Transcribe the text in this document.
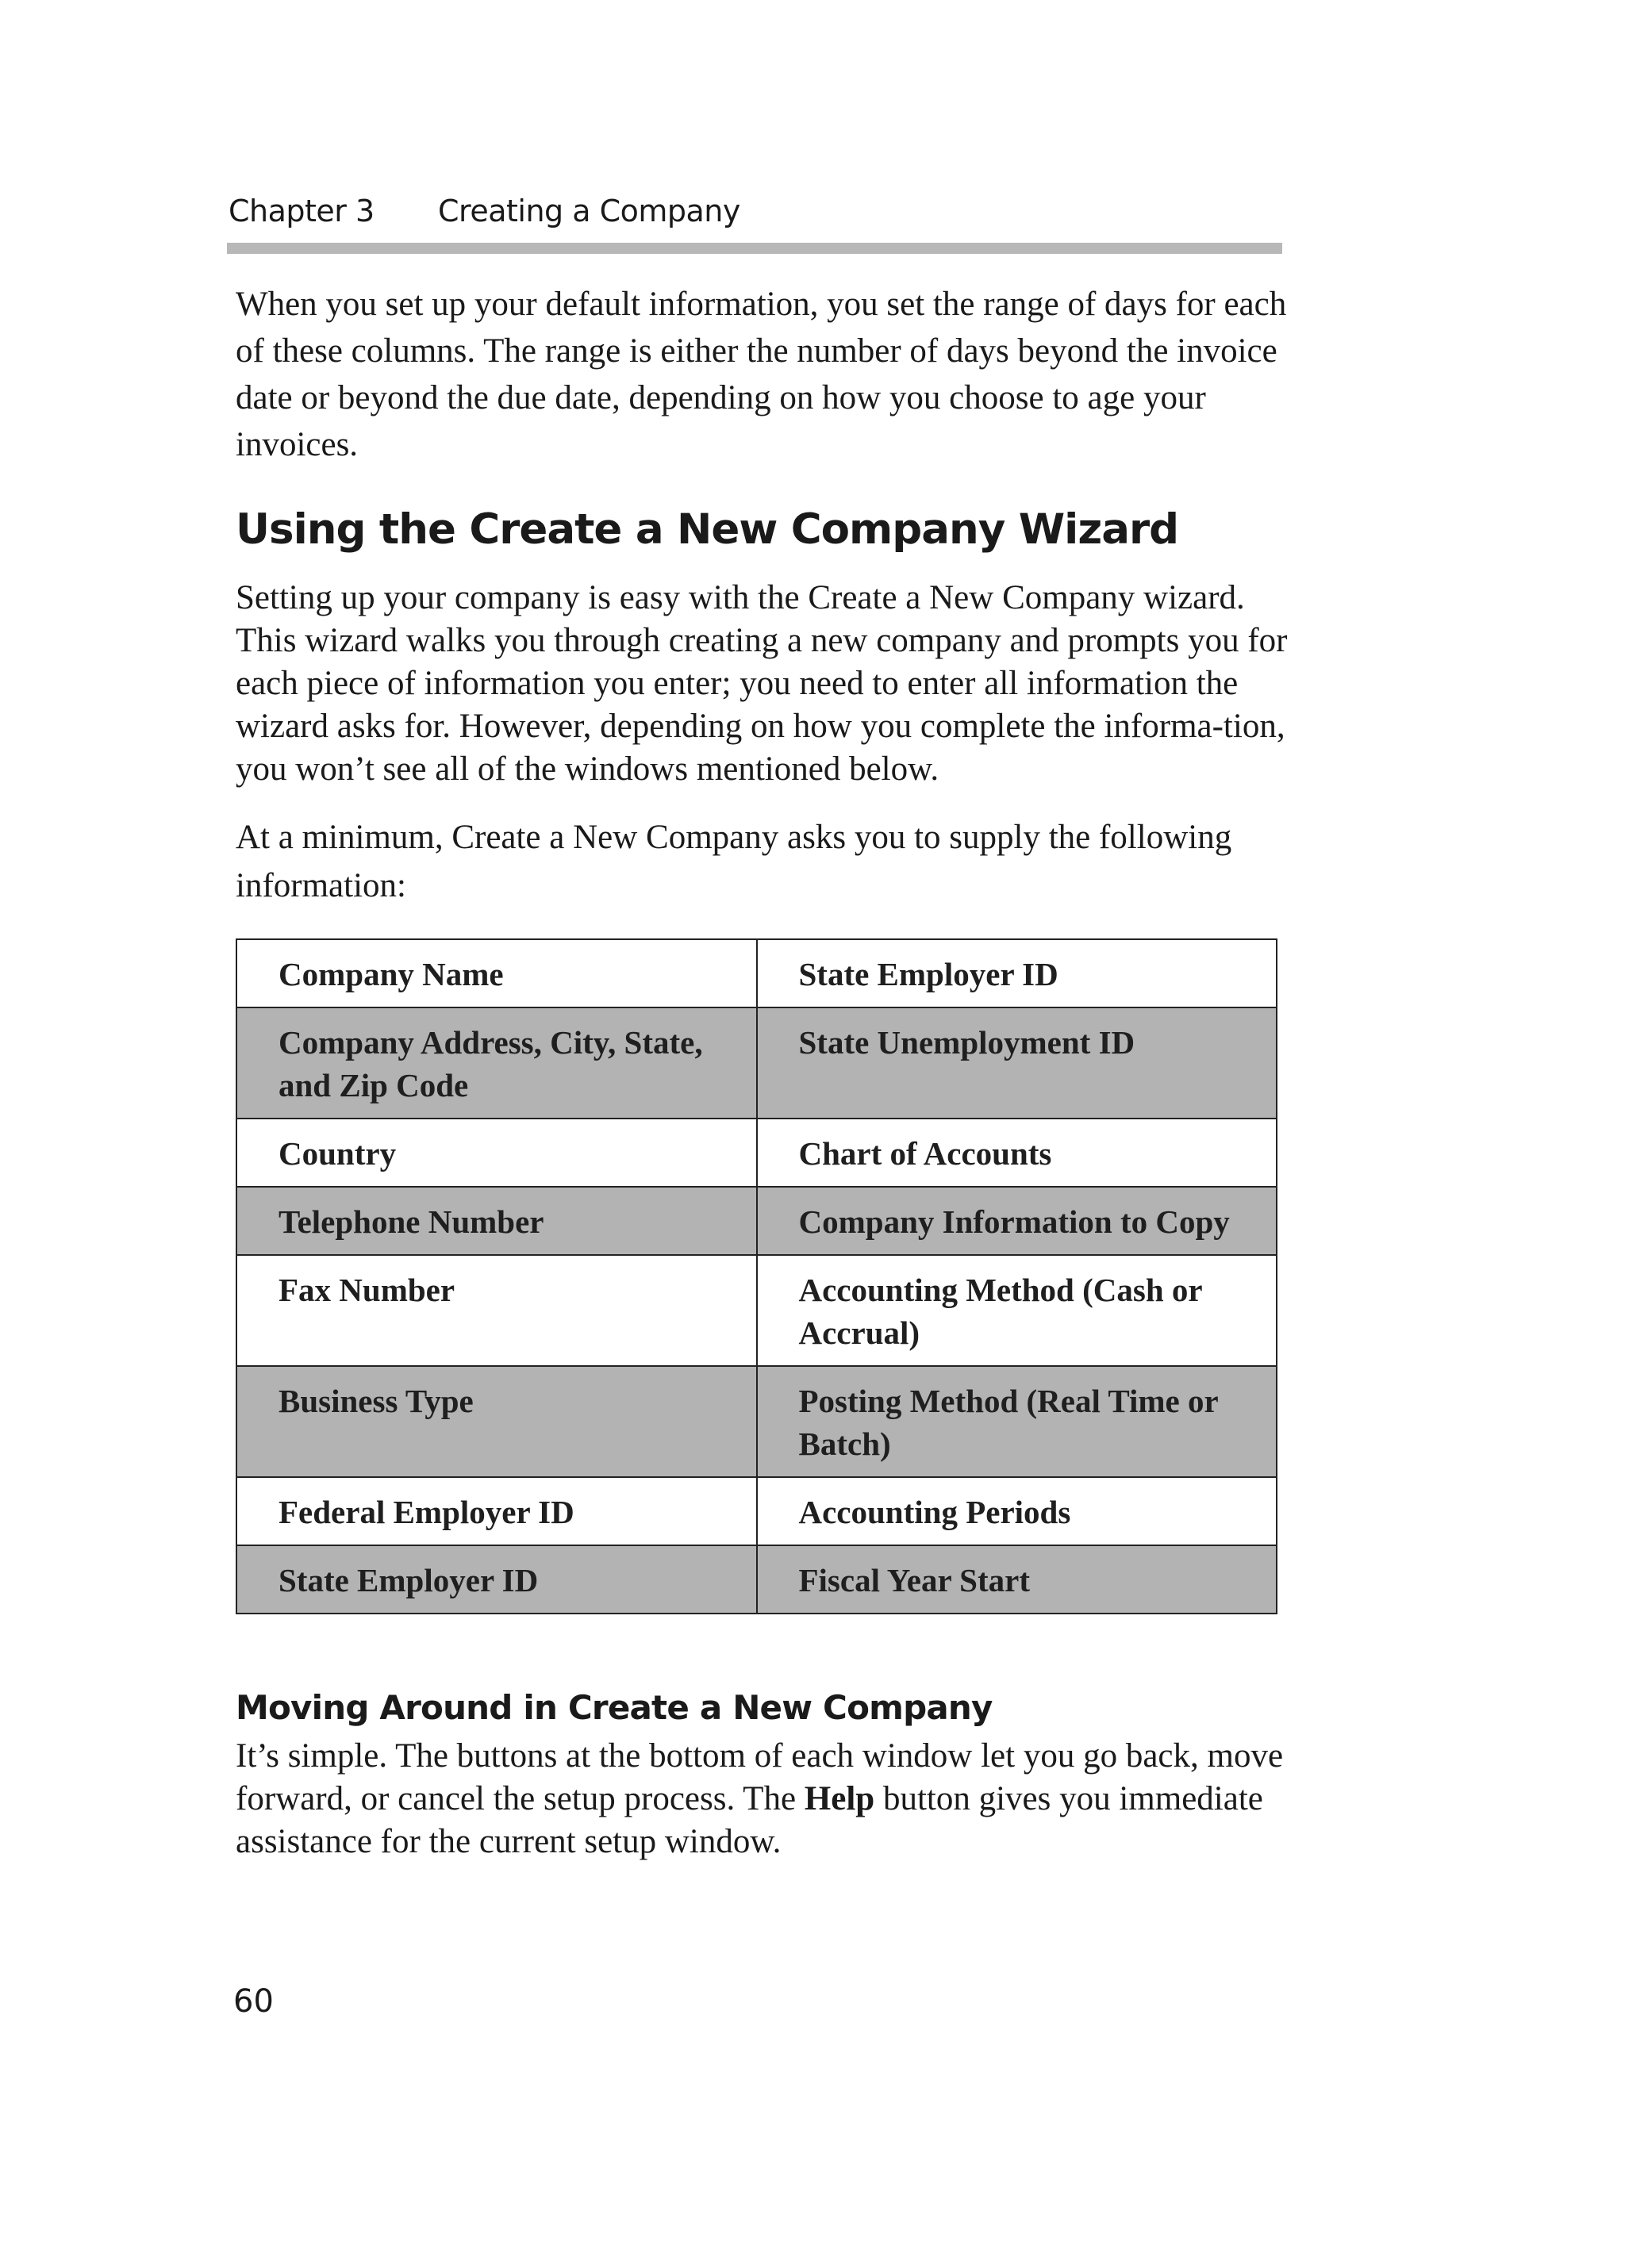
Chapter 3 Creating a Company

When you set up your default information, you set the range of days for each of these columns. The range is either the number of days beyond the invoice date or beyond the due date, depending on how you choose to age your invoices.

Using the Create a New Company Wizard

Setting up your company is easy with the Create a New Company wizard. This wizard walks you through creating a new company and prompts you for each piece of information you enter; you need to enter all information the wizard asks for. However, depending on how you complete the informa-tion, you won’t see all of the windows mentioned below.

At a minimum, Create a New Company asks you to supply the following information:

Company Name	State Employer ID
Company Address, City, State, and Zip Code	State Unemployment ID
Country	Chart of Accounts
Telephone Number	Company Information to Copy
Fax Number	Accounting Method (Cash or Accrual)
Business Type	Posting Method (Real Time or Batch)
Federal Employer ID	Accounting Periods
State Employer ID	Fiscal Year Start
Moving Around in Create a New Company

It’s simple. The buttons at the bottom of each window let you go back, move forward, or cancel the setup process. The Help button gives you immediate assistance for the current setup window.

60
